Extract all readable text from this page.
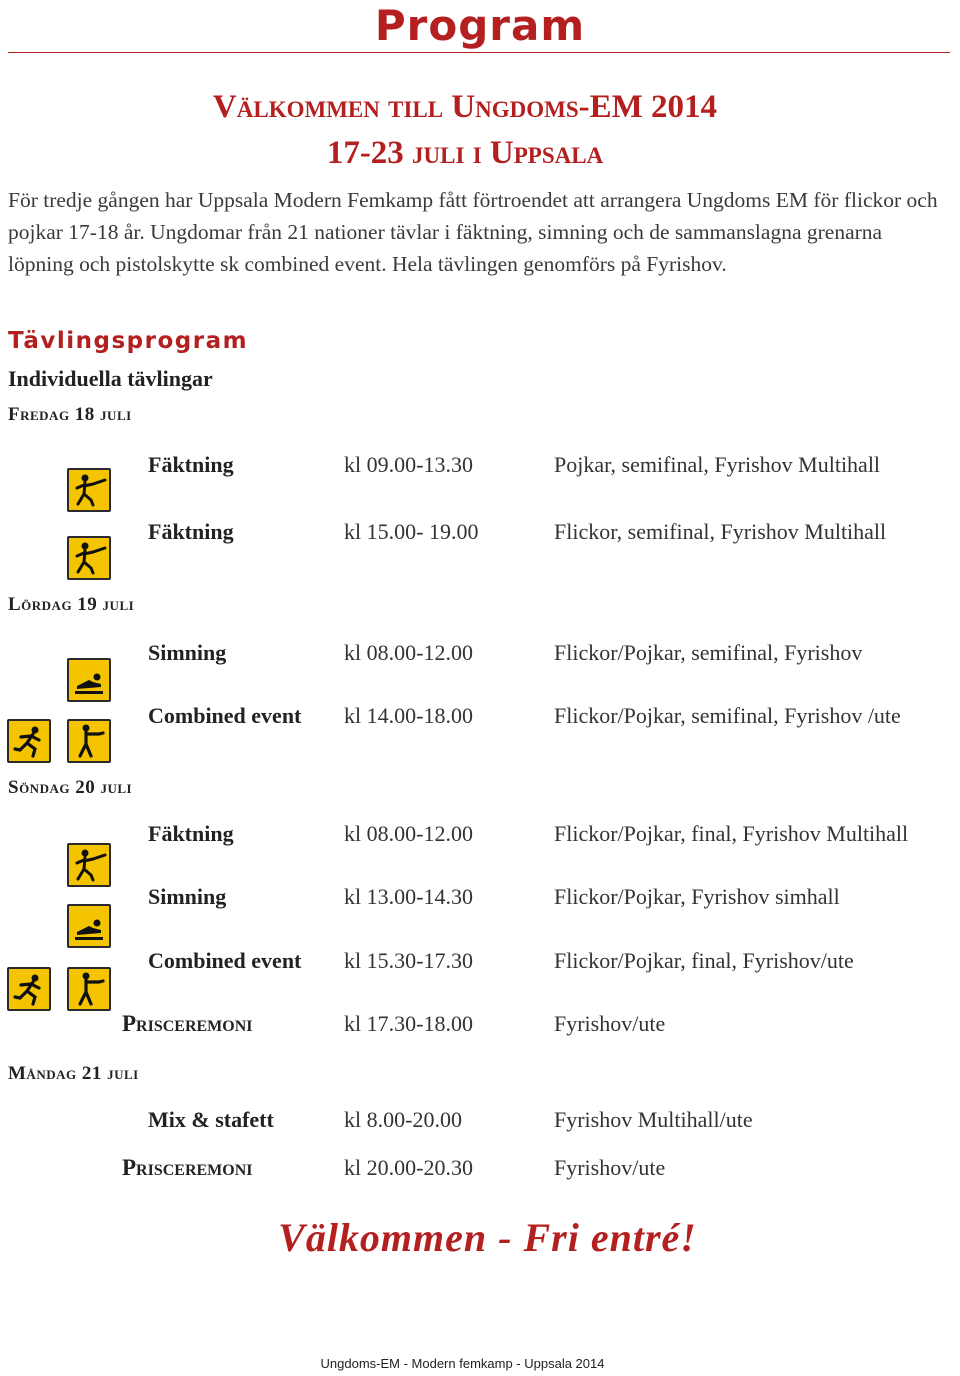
Program
Välkommen till Ungdoms-EM 2014
17-23 juli i Uppsala
För tredje gången har Uppsala Modern Femkamp fått förtroendet att arrangera Ungdoms EM för flickor och pojkar 17-18 år. Ungdomar från 21 nationer tävlar i fäktning, simning och de sammanslagna grenarna löpning och pistolskytte sk combined event. Hela tävlingen genomförs på Fyrishov.
Tävlingsprogram
Individuella tävlingar
Fredag 18 juli
Fäktning	kl 09.00-13.30	Pojkar, semifinal, Fyrishov Multihall
Fäktning	kl 15.00- 19.00	Flickor, semifinal, Fyrishov Multihall
Lördag 19 juli
Simning	kl 08.00-12.00	Flickor/Pojkar, semifinal, Fyrishov
Combined event kl 14.00-18.00	Flickor/Pojkar, semifinal, Fyrishov /ute
Söndag 20 juli
Fäktning	kl 08.00-12.00	Flickor/Pojkar, final, Fyrishov Multihall
Simning	kl 13.00-14.30	Flickor/Pojkar, Fyrishov simhall
Combined event kl 15.30-17.30	Flickor/Pojkar, final, Fyrishov/ute
Prisceremoni	kl 17.30-18.00	Fyrishov/ute
Måndag 21 juli
Mix & stafett	kl 8.00-20.00	Fyrishov Multihall/ute
Prisceremoni	kl 20.00-20.30	Fyrishov/ute
Välkommen - Fri entré!
Ungdoms-EM - Modern femkamp - Uppsala 2014
